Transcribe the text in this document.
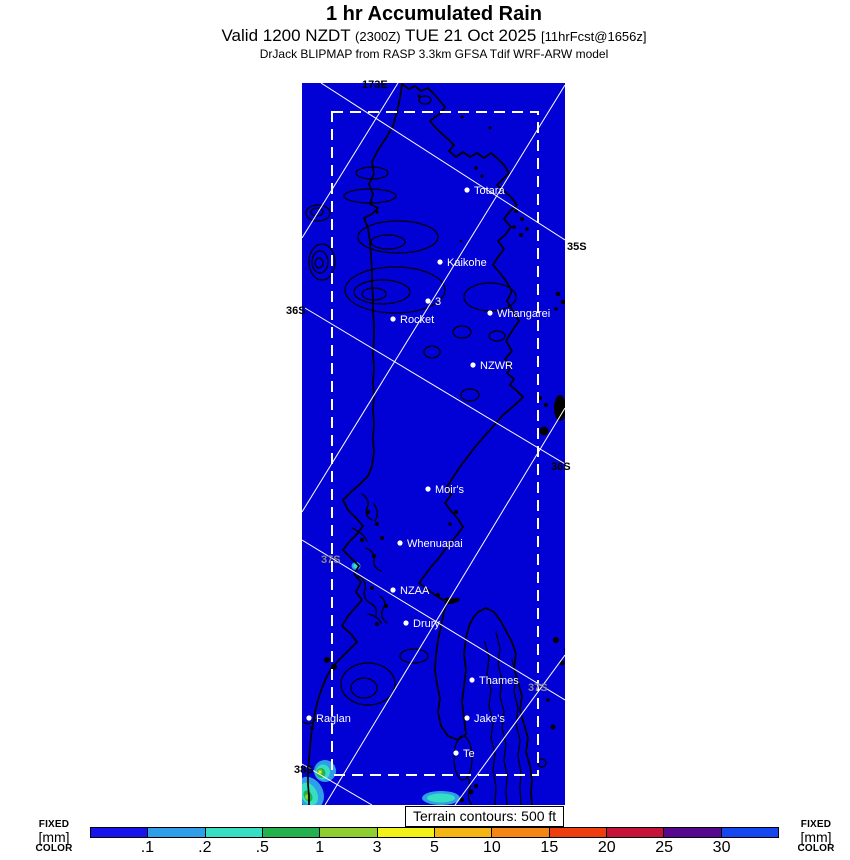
1 hr Accumulated Rain
Valid 1200 NZDT (2300Z) TUE 21 Oct 2025 [11hrFcst@1656z]
DrJack BLIPMAP from RASP 3.3km GFSA Tdif WRF-ARW model
173E
35S
36S
36S
37S
37S
38S
Totara
Kaikohe
3
Rocket	Whangarei
NZWR
Moir's
Whenuapai
NZAA
Drury
Thames
Jake's
Raglan
Te
Terrain contours: 500 ft
FIXED
[mm]
COLOR	.1	.2	.5	1	3	5	10 15 20 25 30
FIXED
[mm]
COLOR
